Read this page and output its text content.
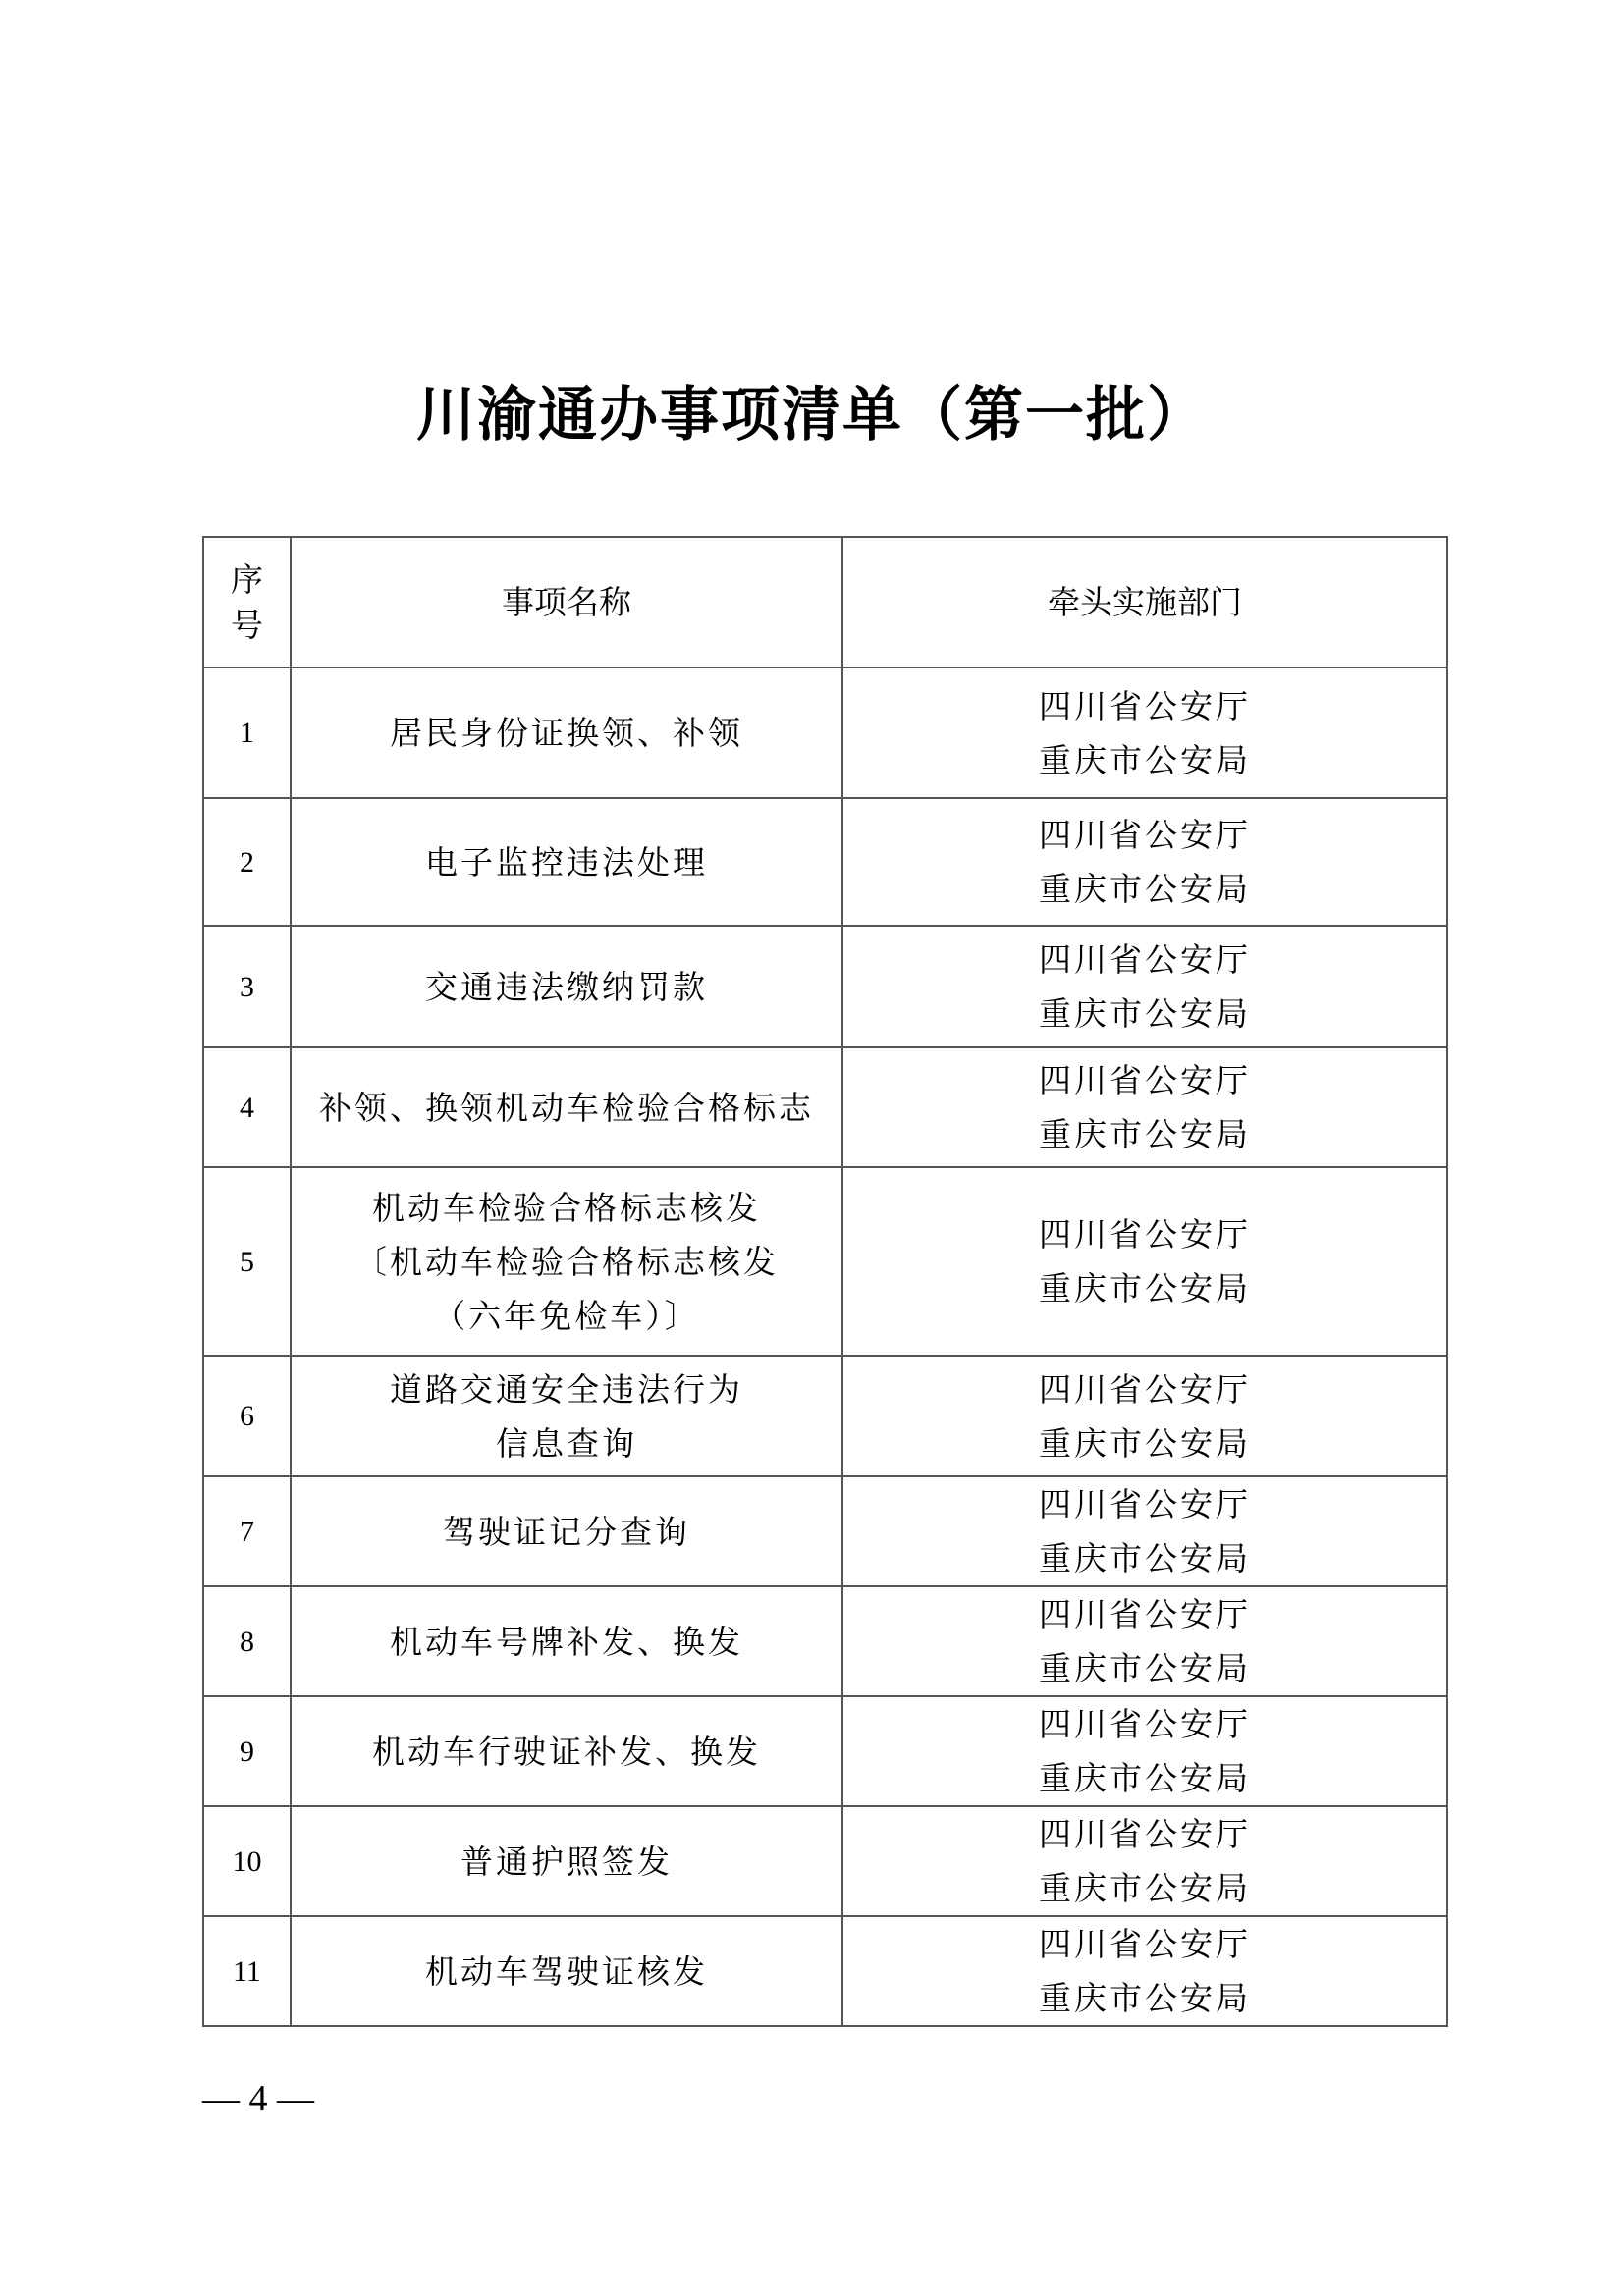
川渝通办事项清单（第一批）
序
号	事项名称	牵头实施部门
1	居民身份证换领、补领	四川省公安厅
重庆市公安局

2	电子监控违法处理	四川省公安厅
重庆市公安局

3	交通违法缴纳罚款	四川省公安厅
重庆市公安局

4	补领、换领机动车检验合格标志	四川省公安厅
重庆市公安局

5	机动车检验合格标志核发
〔机动车检验合格标志核发
（六年免检车）〕	四川省公安厅
重庆市公安局

6	道路交通安全违法行为
信息查询	四川省公安厅
重庆市公安局

7	驾驶证记分查询	四川省公安厅
重庆市公安局

8	机动车号牌补发、换发	四川省公安厅
重庆市公安局

9	机动车行驶证补发、换发	四川省公安厅
重庆市公安局

10	普通护照签发	四川省公安厅
重庆市公安局

11	机动车驾驶证核发	四川省公安厅
重庆市公安局
— 4 —
